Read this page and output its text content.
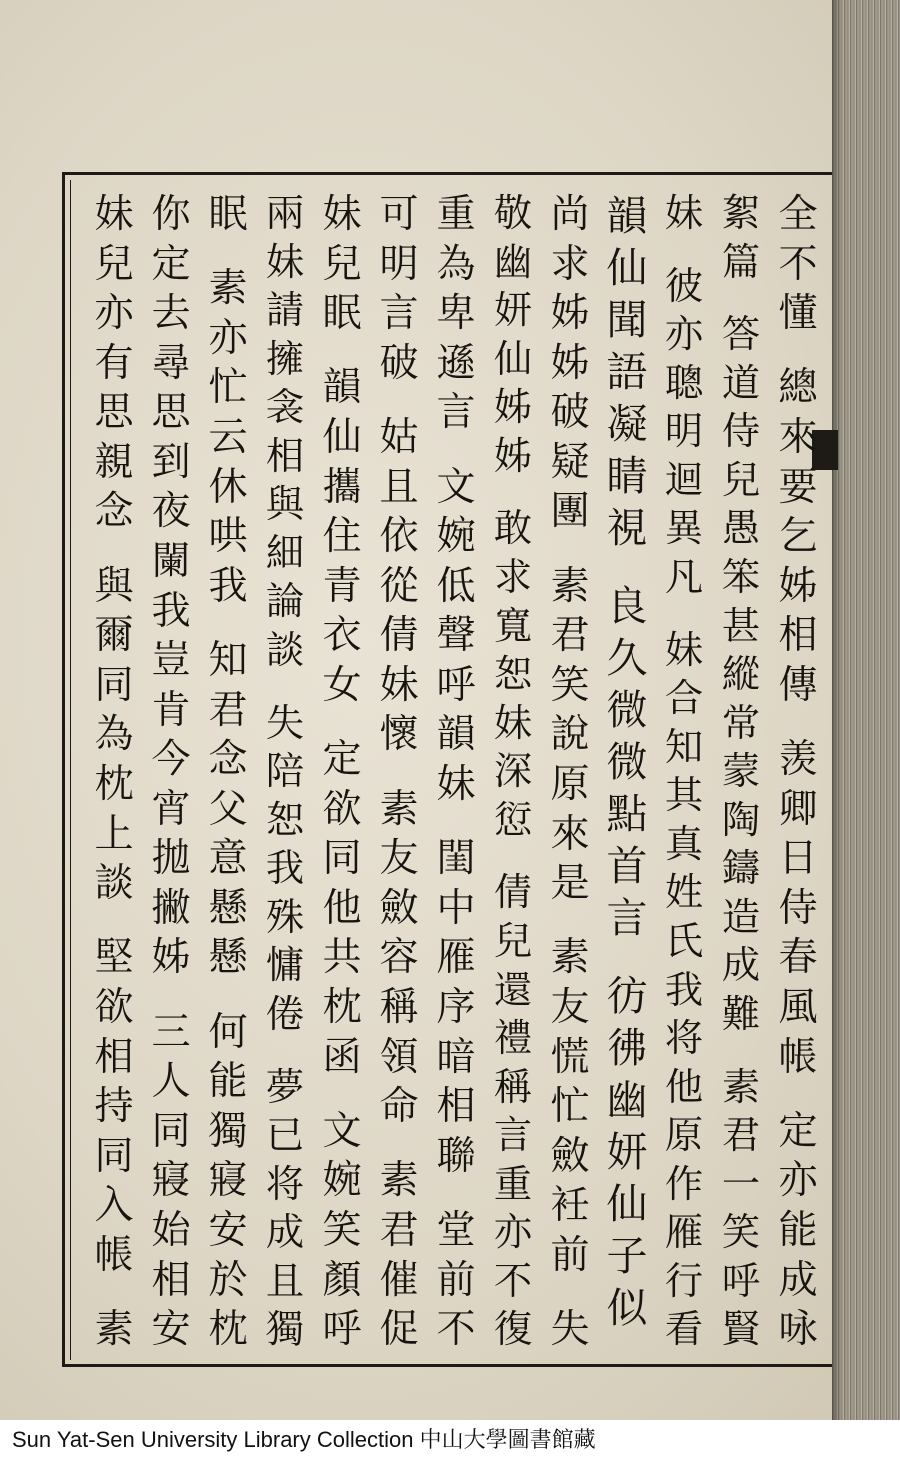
全
不
懂

總
來
要
乞
姊
相
傳

羡
卿
日
侍
春
風
帳

定
亦
能
成
咏
絮
篇

答
道
侍
兒
愚
笨
甚
縱
常
蒙
陶
鑄
造
成
難

素
君
一
笑
呼
賢
妹

彼
亦
聰
明
迴
異
凡

妹
合
知
其
真
姓
氏
我
将
他
原
作
雁
行
看
韻
仙
聞
語
凝
睛
視

良
久
微
微
點
首
言

彷
彿
幽
妍
仙
子
似
尚
求
姊
姊
破
疑
團

素
君
笑
說
原
來
是

素
友
慌
忙
斂
衽
前

失
敬
幽
妍
仙
姊
姊

敢
求
寬
恕
妹
深
愆

倩
兒
還
禮
稱
言
重
亦
不
復
重
為
卑
遜
言

文
婉
低
聲
呼
韻
妹

閨
中
雁
序
暗
相
聯

堂
前
不
可
明
言
破

姑
且
依
從
倩
妹
懷

素
友
斂
容
稱
領
命

素
君
催
促
妹
兒
眠

韻
仙
攜
住
青
衣
女

定
欲
同
他
共
枕
函

文
婉
笑
顏
呼
兩
妹
請
擁
衾
相
與
細
論
談

失
陪
恕
我
殊
慵
倦

夢
已
将
成
且
獨
眠

素
亦
忙
云
休
哄
我

知
君
念
父
意
懸
懸

何
能
獨
寢
安
於
枕
你
定
去
尋
思
到
夜
闌
我
豈
肯
今
宵
拋
撇
姊

三
人
同
寢
始
相
安
妹
兒
亦
有
思
親
念

與
爾
同
為
枕
上
談

堅
欲
相
持
同
入
帳

素
Sun Yat-Sen University Library Collection 中山大學圖書館藏
